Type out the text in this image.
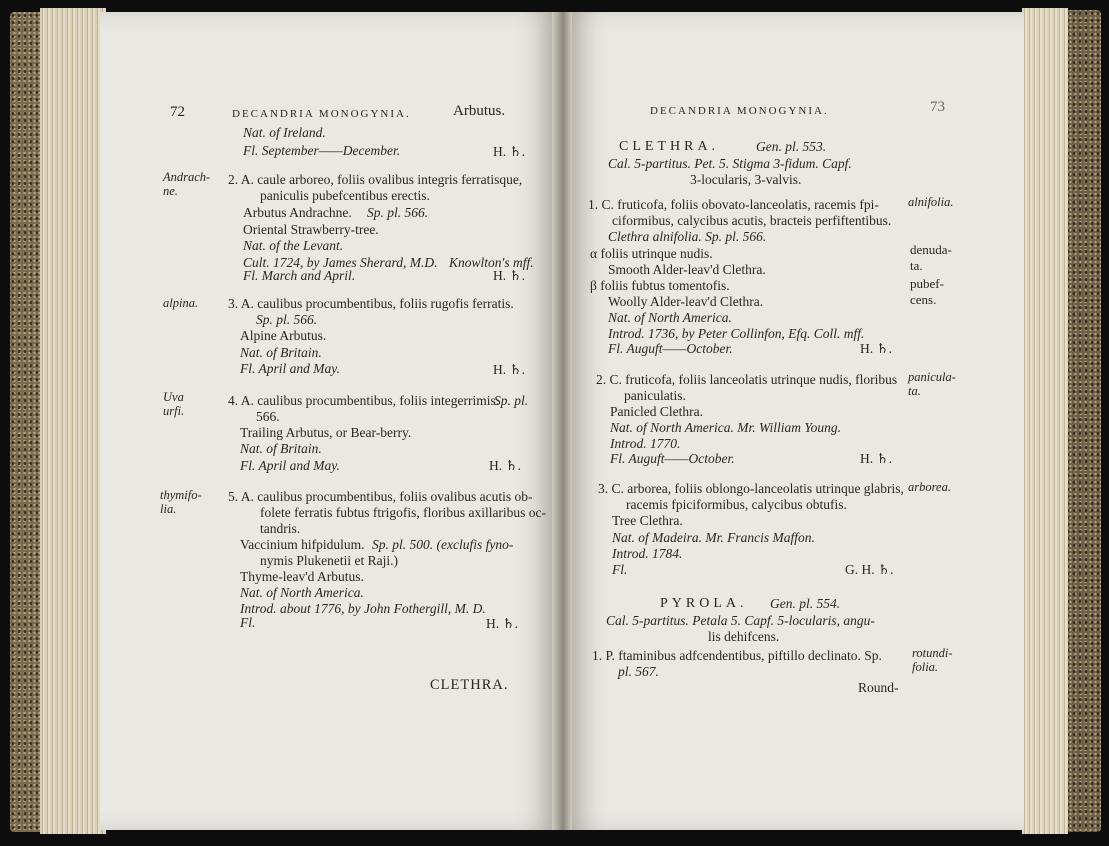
72	DECANDRIA MONOGYNIA.	Arbutus.
Nat. of Ireland.
Fl. September——December.	H. ♄.
Andrach-
ne.
2. A. caule arboreo, foliis ovalibus integris ferratisque,
paniculis pubefcentibus erectis.
Arbutus Andrachne. Sp. pl. 566.
Oriental Strawberry-tree.
Nat. of the Levant.
Cult. 1724, by James Sherard, M.D. Knowlton's mff.
Fl. March and April.	H. ♄.
alpina. 3. A. caulibus procumbentibus, foliis rugofis ferratis.
Sp. pl. 566.
Alpine Arbutus.
Nat. of Britain.
Fl. April and May.	H. ♄.
Uva
urfi.
4. A. caulibus procumbentibus, foliis integerrimis.
Sp. pl.
566.
Trailing Arbutus, or Bear-berry.
Nat. of Britain.
Fl. April and May.	H. ♄.
thymifo-
lia.
5. A. caulibus procumbentibus, foliis ovalibus acutis ob-
folete ferratis fubtus ftrigofis, floribus axillaribus oc-
tandris.
Vaccinium hifpidulum. Sp. pl. 500. (exclufis fyno-
nymis Plukenetii et Raji.)
Thyme-leav'd Arbutus.
Nat. of North America.
Introd. about 1776, by John Fothergill, M. D.
Fl.	H. ♄.
CLETHRA.
DECANDRIA MONOGYNIA.	73
CLETHRA.	Gen. pl. 553.
Cal. 5-partitus. Pet. 5. Stigma 3-fidum. Capf.
3-locularis, 3-valvis.
alnifolia.
1. C. fruticofa, foliis obovato-lanceolatis, racemis fpi-
ciformibus, calycibus acutis, bracteis perfiftentibus.
Clethra alnifolia. Sp. pl. 566.
α foliis utrinque nudis.	denuda-
ta.
Smooth Alder-leav'd Clethra.
β foliis fubtus tomentofis.	pubef-
cens.
Woolly Alder-leav'd Clethra.
Nat. of North America.
Introd. 1736, by Peter Collinfon, Efq. Coll. mff.
Fl. Auguft——October.	H. ♄.
panicula-
ta.
2. C. fruticofa, foliis lanceolatis utrinque nudis, floribus
paniculatis.
Panicled Clethra.
Nat. of North America. Mr. William Young.
Introd. 1770.
Fl. Auguft——October.	H. ♄.
arborea.
3. C. arborea, foliis oblongo-lanceolatis utrinque glabris,
racemis fpiciformibus, calycibus obtufis.
Tree Clethra.
Nat. of Madeira. Mr. Francis Maffon.
Introd. 1784.
Fl.	G. H. ♄.
PYROLA. Gen. pl. 554.
Cal. 5-partitus. Petala 5. Capf. 5-locularis, angu-
lis dehifcens.
1. P. ftaminibus adfcendentibus, piftillo declinato. Sp.
pl. 567.
rotundi-
folia.
Round-
